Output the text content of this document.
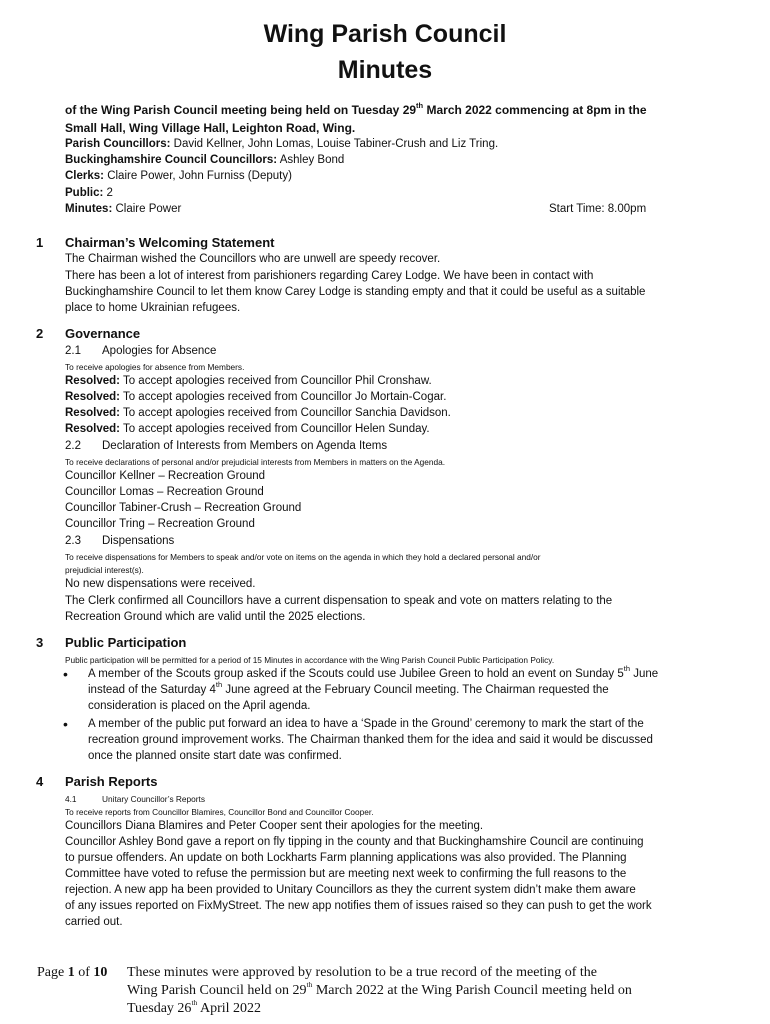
Wing Parish Council
Minutes
of the Wing Parish Council meeting being held on Tuesday 29th March 2022 commencing at 8pm in the
Small Hall, Wing Village Hall, Leighton Road, Wing.
Parish Councillors: David Kellner, John Lomas, Louise Tabiner-Crush and Liz Tring.
Buckinghamshire Council Councillors: Ashley Bond
Clerks: Claire Power, John Furniss (Deputy)
Public: 2
Minutes: Claire Power	Start Time: 8.00pm
1 Chairman’s Welcoming Statement
The Chairman wished the Councillors who are unwell are speedy recover.
There has been a lot of interest from parishioners regarding Carey Lodge. We have been in contact with
Buckinghamshire Council to let them know Carey Lodge is standing empty and that it could be useful as a suitable
place to home Ukrainian refugees.
2 Governance
2.1 Apologies for Absence
To receive apologies for absence from Members.
Resolved: To accept apologies received from Councillor Phil Cronshaw.
Resolved: To accept apologies received from Councillor Jo Mortain-Cogar.
Resolved: To accept apologies received from Councillor Sanchia Davidson.
Resolved: To accept apologies received from Councillor Helen Sunday.
2.2 Declaration of Interests from Members on Agenda Items
To receive declarations of personal and/or prejudicial interests from Members in matters on the Agenda.
Councillor Kellner – Recreation Ground
Councillor Lomas – Recreation Ground
Councillor Tabiner-Crush – Recreation Ground
Councillor Tring – Recreation Ground
2.3 Dispensations
To receive dispensations for Members to speak and/or vote on items on the agenda in which they hold a declared personal and/or
prejudicial interest(s).
No new dispensations were received.
The Clerk confirmed all Councillors have a current dispensation to speak and vote on matters relating to the
Recreation Ground which are valid until the 2025 elections.
3 Public Participation
Public participation will be permitted for a period of 15 Minutes in accordance with the Wing Parish Council Public Participation Policy.
• A member of the Scouts group asked if the Scouts could use Jubilee Green to hold an event on Sunday 5th June
instead of the Saturday 4th June agreed at the February Council meeting. The Chairman requested the
consideration is placed on the April agenda.
• A member of the public put forward an idea to have a ‘Spade in the Ground’ ceremony to mark the start of the
recreation ground improvement works. The Chairman thanked them for the idea and said it would be discussed
once the planned onsite start date was confirmed.
4 Parish Reports
4.1	Unitary Councillor’s Reports
To receive reports from Councillor Blamires, Councillor Bond and Councillor Cooper.
Councillors Diana Blamires and Peter Cooper sent their apologies for the meeting.
Councillor Ashley Bond gave a report on fly tipping in the county and that Buckinghamshire Council are continuing
to pursue offenders. An update on both Lockharts Farm planning applications was also provided. The Planning
Committee have voted to refuse the permission but are meeting next week to confirming the full reasons to the
rejection. A new app ha been provided to Unitary Councillors as they the current system didn’t make them aware
of any issues reported on FixMyStreet. The new app notifies them of issues raised so they can push to get the work
carried out.
Page 1 of 10 These minutes were approved by resolution to be a true record of the meeting of the
Wing Parish Council held on 29th March 2022 at the Wing Parish Council meeting held on
Tuesday 26th April 2022
